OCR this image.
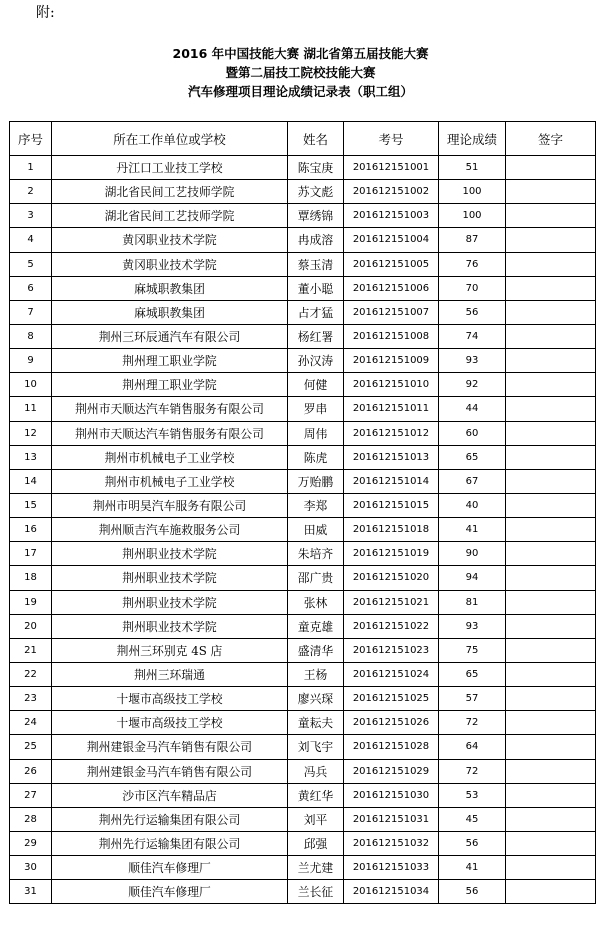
附:
2016 年中国技能大赛 湖北省第五届技能大赛
暨第二届技工院校技能大赛
汽车修理项目理论成绩记录表（职工组）
序号	所在工作单位或学校	姓名	考号	理论成绩	签字
1	丹江口工业技工学校	陈宝庚	201612151001	51	
2	湖北省民间工艺技师学院	苏文彪	201612151002	100	
3	湖北省民间工艺技师学院	覃绣锦	201612151003	100	
4	黄冈职业技术学院	冉成溶	201612151004	87	
5	黄冈职业技术学院	蔡玉清	201612151005	76	
6	麻城职教集团	董小聪	201612151006	70	
7	麻城职教集团	占才猛	201612151007	56	
8	荆州三环辰通汽车有限公司	杨红署	201612151008	74	
9	荆州理工职业学院	孙汉涛	201612151009	93	
10	荆州理工职业学院	何健	201612151010	92	
11	荆州市天顺达汽车销售服务有限公司	罗串	201612151011	44	
12	荆州市天顺达汽车销售服务有限公司	周伟	201612151012	60	
13	荆州市机械电子工业学校	陈虎	201612151013	65	
14	荆州市机械电子工业学校	万贻鹏	201612151014	67	
15	荆州市明昊汽车服务有限公司	李郑	201612151015	40	
16	荆州顺吉汽车施救服务公司	田威	201612151018	41	
17	荆州职业技术学院	朱培齐	201612151019	90	
18	荆州职业技术学院	邵广贵	201612151020	94	
19	荆州职业技术学院	张林	201612151021	81	
20	荆州职业技术学院	童克雄	201612151022	93	
21	荆州三环别克 4S 店	盛清华	201612151023	75	
22	荆州三环瑞通	王杨	201612151024	65	
23	十堰市高级技工学校	廖兴琛	201612151025	57	
24	十堰市高级技工学校	童耘夫	201612151026	72	
25	荆州建银金马汽车销售有限公司	刘飞宇	201612151028	64	
26	荆州建银金马汽车销售有限公司	冯兵	201612151029	72	
27	沙市区汽车精品店	黄红华	201612151030	53	
28	荆州先行运输集团有限公司	刘平	201612151031	45	
29	荆州先行运输集团有限公司	邱强	201612151032	56	
30	顺佳汽车修理厂	兰尤建	201612151033	41	
31	顺佳汽车修理厂	兰长征	201612151034	56	
